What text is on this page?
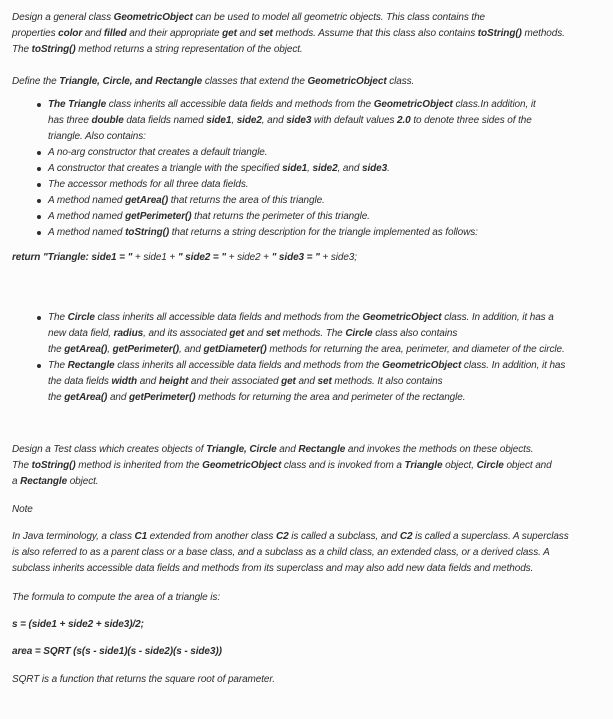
Design a general class GeometricObject can be used to model all geometric objects. This class contains the
properties color and filled and their appropriate get and set methods. Assume that this class also contains toString() methods.
The toString() method returns a string representation of the object.
Define the Triangle, Circle, and Rectangle classes that extend the GeometricObject class.
The Triangle class inherits all accessible data fields and methods from the GeometricObject class.In addition, it
has three double data fields named side1, side2, and side3 with default values 2.0 to denote three sides of the
triangle. Also contains:
A no-arg constructor that creates a default triangle.
A constructor that creates a triangle with the specified side1, side2, and side3.
The accessor methods for all three data fields.
A method named getArea() that returns the area of this triangle.
A method named getPerimeter() that returns the perimeter of this triangle.
A method named toString() that returns a string description for the triangle implemented as follows:
return "Triangle: side1 = " + side1 + " side2 = " + side2 + " side3 = " + side3;
The Circle class inherits all accessible data fields and methods from the GeometricObject class. In addition, it has a
new data field, radius, and its associated get and set methods. The Circle class also contains
the getArea(), getPerimeter(), and getDiameter() methods for returning the area, perimeter, and diameter of the circle.
The Rectangle class inherits all accessible data fields and methods from the GeometricObject class. In addition, it has
the data fields width and height and their associated get and set methods. It also contains
the getArea() and getPerimeter() methods for returning the area and perimeter of the rectangle.
Design a Test class which creates objects of Triangle, Circle and Rectangle and invokes the methods on these objects.
The toString() method is inherited from the GeometricObject class and is invoked from a Triangle object, Circle object and
a Rectangle object.
Note
In Java terminology, a class C1 extended from another class C2 is called a subclass, and C2 is called a superclass. A superclass
is also referred to as a parent class or a base class, and a subclass as a child class, an extended class, or a derived class. A
subclass inherits accessible data fields and methods from its superclass and may also add new data fields and methods.
The formula to compute the area of a triangle is:
s = (side1 + side2 + side3)/2;
area = SQRT (s(s - side1)(s - side2)(s - side3))
SQRT is a function that returns the square root of parameter.
